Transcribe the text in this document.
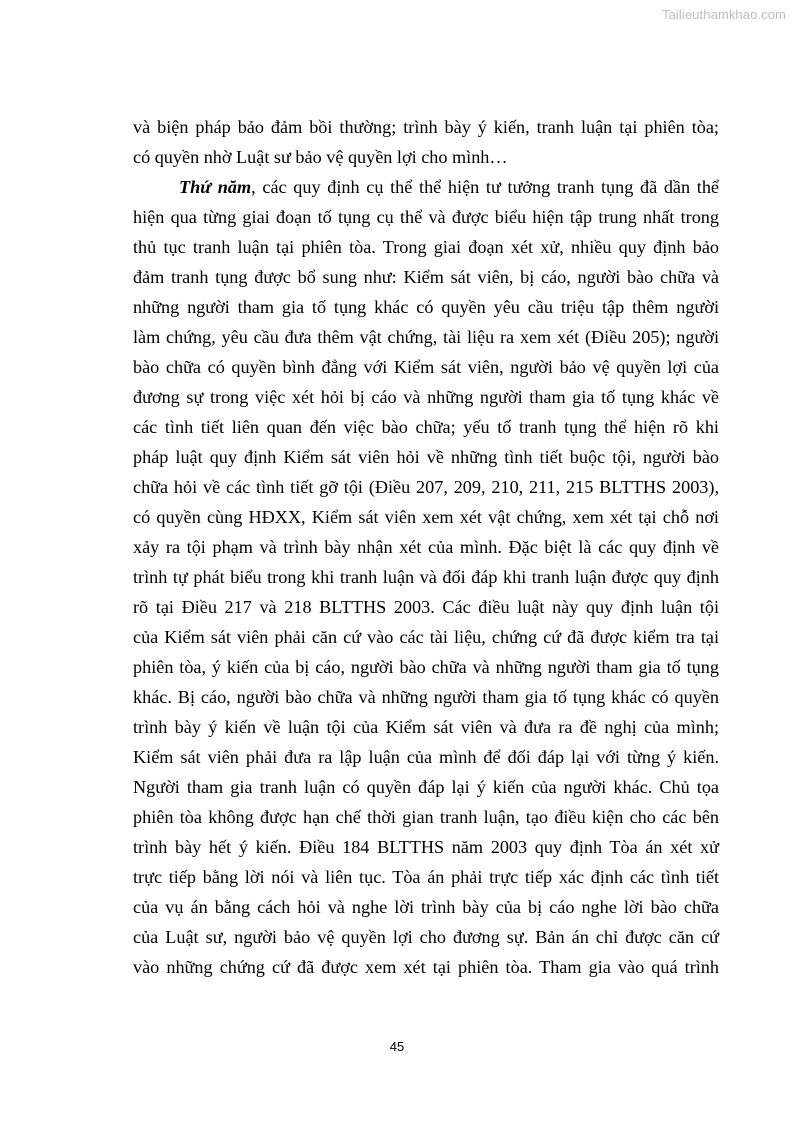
Tailieuthamkhao.com
và biện pháp bảo đảm bồi thường; trình bày ý kiến, tranh luận tại phiên tòa;
có quyền nhờ Luật sư bảo vệ quyền lợi cho mình…
Thứ năm, các quy định cụ thể thể hiện tư tưởng tranh tụng đã dần thể
hiện qua từng giai đoạn tố tụng cụ thể và được biểu hiện tập trung nhất trong
thủ tục tranh luận tại phiên tòa. Trong giai đoạn xét xử, nhiều quy định bảo
đảm tranh tụng được bổ sung như: Kiểm sát viên, bị cáo, người bào chữa và
những người tham gia tố tụng khác có quyền yêu cầu triệu tập thêm người
làm chứng, yêu cầu đưa thêm vật chứng, tài liệu ra xem xét (Điều 205); người
bào chữa có quyền bình đẳng với Kiểm sát viên, người bảo vệ quyền lợi của
đương sự trong việc xét hỏi bị cáo và những người tham gia tố tụng khác về
các tình tiết liên quan đến việc bào chữa; yếu tố tranh tụng thể hiện rõ khi
pháp luật quy định Kiểm sát viên hỏi về những tình tiết buộc tội, người bào
chữa hỏi về các tình tiết gỡ tội (Điều 207, 209, 210, 211, 215 BLTTHS 2003),
có quyền cùng HĐXX, Kiểm sát viên xem xét vật chứng, xem xét tại chỗ nơi
xảy ra tội phạm và trình bày nhận xét của mình. Đặc biệt là các quy định về
trình tự phát biểu trong khi tranh luận và đối đáp khi tranh luận được quy định
rõ tại Điều 217 và 218 BLTTHS 2003. Các điều luật này quy định luận tội
của Kiểm sát viên phải căn cứ vào các tài liệu, chứng cứ đã được kiểm tra tại
phiên tòa, ý kiến của bị cáo, người bào chữa và những người tham gia tố tụng
khác. Bị cáo, người bào chữa và những người tham gia tố tụng khác có quyền
trình bày ý kiến về luận tội của Kiểm sát viên và đưa ra đề nghị của mình;
Kiểm sát viên phải đưa ra lập luận của mình để đối đáp lại với từng ý kiến.
Người tham gia tranh luận có quyền đáp lại ý kiến của người khác. Chủ tọa
phiên tòa không được hạn chế thời gian tranh luận, tạo điều kiện cho các bên
trình bày hết ý kiến. Điều 184 BLTTHS năm 2003 quy định Tòa án xét xử
trực tiếp bằng lời nói và liên tục. Tòa án phải trực tiếp xác định các tình tiết
của vụ án bằng cách hỏi và nghe lời trình bày của bị cáo nghe lời bào chữa
của Luật sư, người bảo vệ quyền lợi cho đương sự. Bản án chỉ được căn cứ
vào những chứng cứ đã được xem xét tại phiên tòa. Tham gia vào quá trình
45
